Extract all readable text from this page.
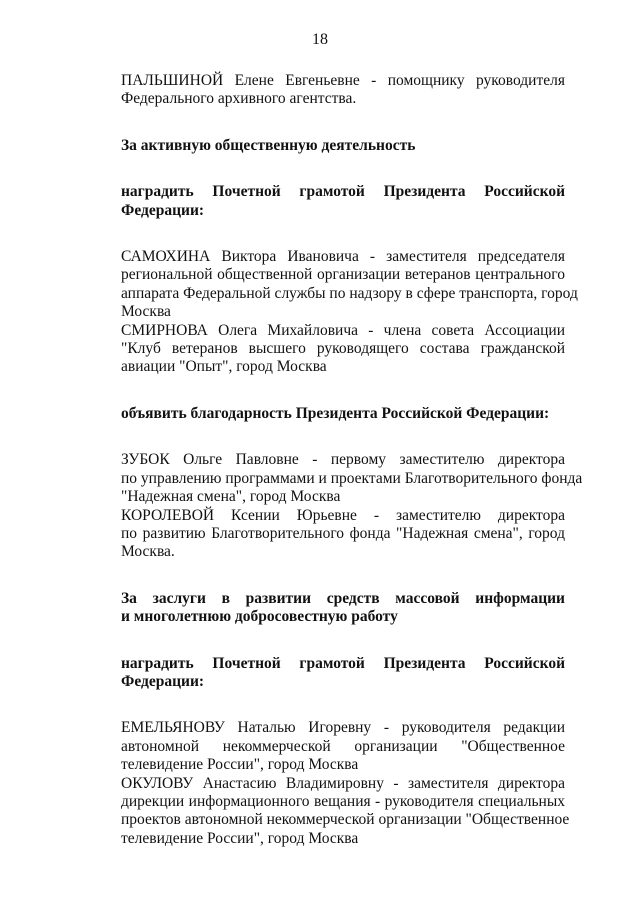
18
ПАЛЬШИНОЙ Елене Евгеньевне - помощнику руководителя
Федерального архивного агентства.
За активную общественную деятельность
наградить Почетной грамотой Президента Российской
Федерации:
САМОХИНА Виктора Ивановича - заместителя председателя
региональной общественной организации ветеранов центрального
аппарата Федеральной службы по надзору в сфере транспорта, город
Москва
СМИРНОВА Олега Михайловича - члена совета Ассоциации
"Клуб ветеранов высшего руководящего состава гражданской
авиации "Опыт", город Москва
объявить благодарность Президента Российской Федерации:
ЗУБОК Ольге Павловне - первому заместителю директора
по управлению программами и проектами Благотворительного фонда
"Надежная смена", город Москва
КОРОЛЕВОЙ Ксении Юрьевне - заместителю директора
по развитию Благотворительного фонда "Надежная смена", город
Москва.
За заслуги в развитии средств массовой информации
и многолетнюю добросовестную работу
наградить Почетной грамотой Президента Российской
Федерации:
ЕМЕЛЬЯНОВУ Наталью Игоревну - руководителя редакции
автономной некоммерческой организации "Общественное
телевидение России", город Москва
ОКУЛОВУ Анастасию Владимировну - заместителя директора
дирекции информационного вещания - руководителя специальных
проектов автономной некоммерческой организации "Общественное
телевидение России", город Москва
